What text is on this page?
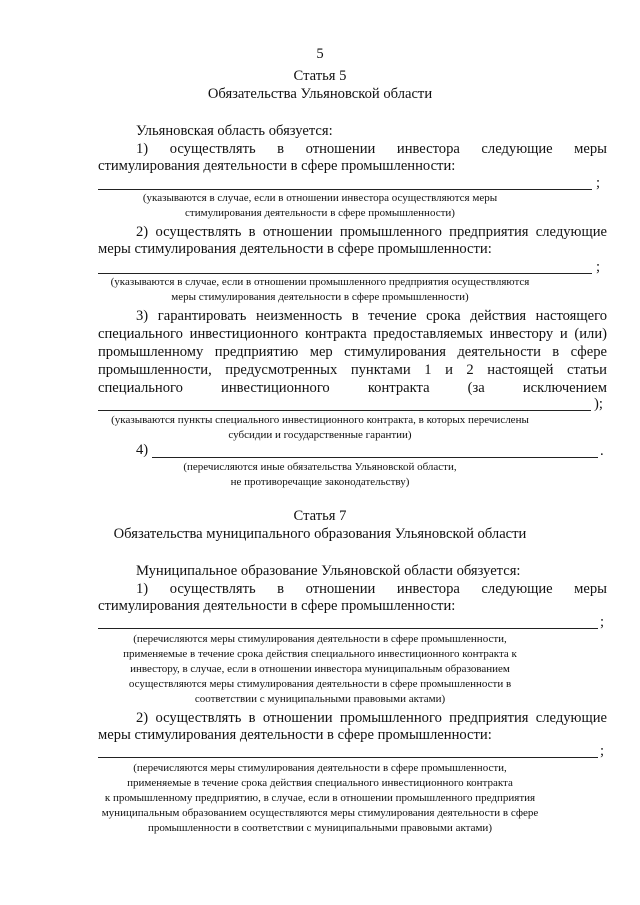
5
Статья 5
Обязательства Ульяновской области
Ульяновская область обязуется:
1) осуществлять в отношении инвестора следующие меры
стимулирования деятельности в сфере промышленности:
;
(указываются в случае, если в отношении инвестора осуществляются меры
стимулирования деятельности в сфере промышленности)
2) осуществлять в отношении промышленного предприятия следующие
меры стимулирования деятельности в сфере промышленности:
;
(указываются в случае, если в отношении промышленного предприятия осуществляются
меры стимулирования деятельности в сфере промышленности)
3) гарантировать неизменность в течение срока действия настоящего
специального инвестиционного контракта предоставляемых инвестору и (или)
промышленному предприятию мер стимулирования деятельности в сфере
промышленности, предусмотренных пунктами 1 и 2 настоящей статьи
специального инвестиционного контракта (за исключением
);
(указываются пункты специального инвестиционного контракта, в которых перечислены
субсидии и государственные гарантии)
4)	.
(перечисляются иные обязательства Ульяновской области,
не противоречащие законодательству)
Статья 7
Обязательства муниципального образования Ульяновской области
Муниципальное образование Ульяновской области обязуется:
1) осуществлять в отношении инвестора следующие меры
стимулирования деятельности в сфере промышленности:
;
(перечисляются меры стимулирования деятельности в сфере промышленности,
применяемые в течение срока действия специального инвестиционного контракта к
инвестору, в случае, если в отношении инвестора муниципальным образованием
осуществляются меры стимулирования деятельности в сфере промышленности в
соответствии с муниципальными правовыми актами)
2) осуществлять в отношении промышленного предприятия следующие
меры стимулирования деятельности в сфере промышленности:
;
(перечисляются меры стимулирования деятельности в сфере промышленности,
применяемые в течение срока действия специального инвестиционного контракта
к промышленному предприятию, в случае, если в отношении промышленного предприятия
муниципальным образованием осуществляются меры стимулирования деятельности в сфере
промышленности в соответствии с муниципальными правовыми актами)
